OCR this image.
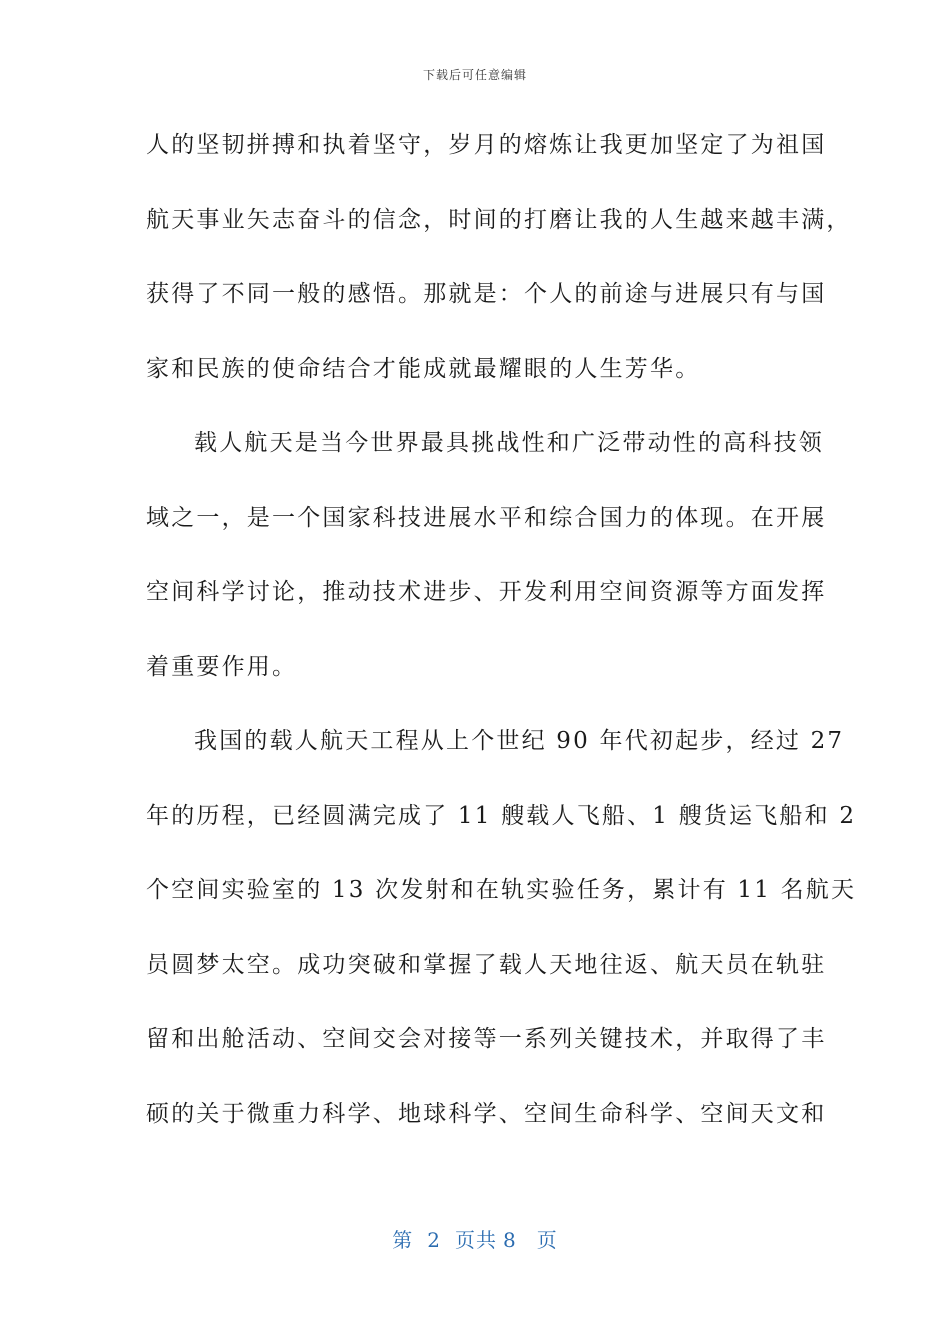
下载后可任意编辑
人的坚韧拼搏和执着坚守，岁月的熔炼让我更加坚定了为祖国
航天事业矢志奋斗的信念，时间的打磨让我的人生越来越丰满，
获得了不同一般的感悟。那就是：个人的前途与进展只有与国
家和民族的使命结合才能成就最耀眼的人生芳华。
载人航天是当今世界最具挑战性和广泛带动性的高科技领
域之一，是一个国家科技进展水平和综合国力的体现。在开展
空间科学讨论，推动技术进步、开发利用空间资源等方面发挥
着重要作用。
我国的载人航天工程从上个世纪 90 年代初起步，经过 27
年的历程，已经圆满完成了 11 艘载人飞船、1 艘货运飞船和 2
个空间实验室的 13 次发射和在轨实验任务，累计有 11 名航天
员圆梦太空。成功突破和掌握了载人天地往返、航天员在轨驻
留和出舱活动、空间交会对接等一系列关键技术，并取得了丰
硕的关于微重力科学、地球科学、空间生命科学、空间天文和
第 2 页共 8 页
